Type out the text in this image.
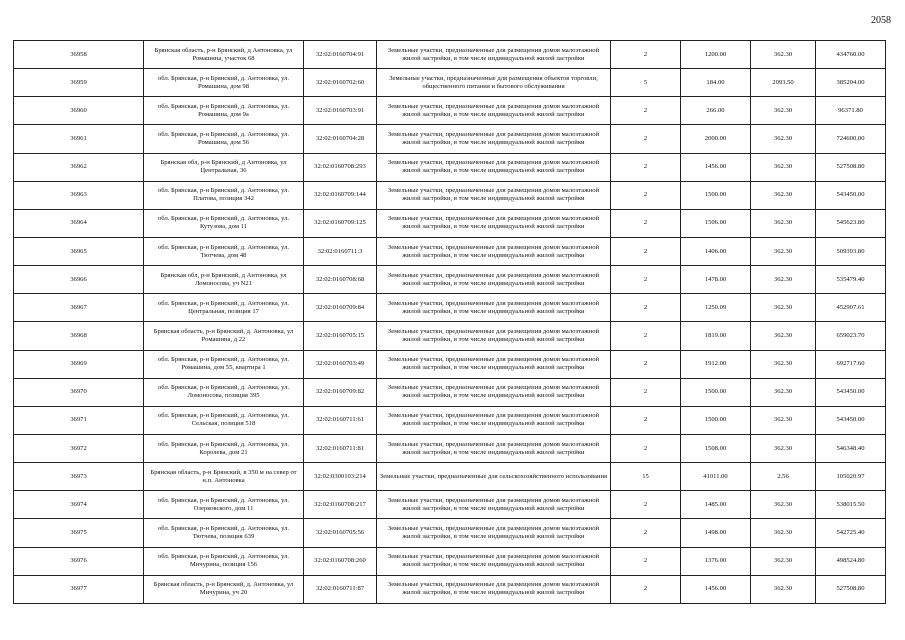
2058
36958	Брянская область, р-н Брянский, д Антоновка, ул Ромашина, участок 68	32:02:0160704:91	Земельные участки, предназначенные для размещения домов малоэтажной жилой застройки, в том числе индивидуальной жилой застройки	2	1200.00	362.30	434760.00
36959	обл. Брянская, р-н Брянский, д. Антоновка, ул. Ромашина, дом 98	32:02:0160702:60	Земельные участки, предназначенные для размещения объектов торговли, общественного питания и бытового обслуживания	5	184.00	2093.50	385204.00
36960	обл. Брянская, р-н Брянский, д. Антоновка, ул. Ромашина, дом 9а	32:02:0160703:91	Земельные участки, предназначенные для размещения домов малоэтажной жилой застройки, в том числе индивидуальной жилой застройки	2	266.00	362.30	96371.80
36961	обл. Брянская, р-н Брянский, д. Антоновка, ул. Ромашина, дом 56	32:02:0160704:28	Земельные участки, предназначенные для размещения домов малоэтажной жилой застройки, в том числе индивидуальной жилой застройки	2	2000.00	362.30	724600.00
36962	Брянская обл, р-н Брянский, д Антоновка, ул Центральная, 36	32:02:0160708:293	Земельные участки, предназначенные для размещения домов малоэтажной жилой застройки, в том числе индивидуальной жилой застройки	2	1456.00	362.30	527508.80
36963	обл. Брянская, р-н Брянский, д. Антоновка, ул. Платова, позиция 342	32:02:0160709:144	Земельные участки, предназначенные для размещения домов малоэтажной жилой застройки, в том числе индивидуальной жилой застройки	2	1500.00	362.30	543450.00
36964	обл. Брянская, р-н Брянский, д. Антоновка, ул. Кутузова, дом 11	32:02:0160709:125	Земельные участки, предназначенные для размещения домов малоэтажной жилой застройки, в том числе индивидуальной жилой застройки	2	1506.00	362.30	545623.80
36965	обл. Брянская, р-н Брянский, д. Антоновка, ул. Тютчева, дом 48	32:02:0160711:3	Земельные участки, предназначенные для размещения домов малоэтажной жилой застройки, в том числе индивидуальной жилой застройки	2	1406.00	362.30	509393.80
36966	Брянская обл, р-н Брянский, д Антоновка, ул Ломоносова, уч N21	32:02:0160708:68	Земельные участки, предназначенные для размещения домов малоэтажной жилой застройки, в том числе индивидуальной жилой застройки	2	1478.00	362.30	535479.40
36967	обл. Брянская, р-н Брянский, д. Антоновка, ул. Центральная, позиция 17	32:02:0160709:84	Земельные участки, предназначенные для размещения домов малоэтажной жилой застройки, в том числе индивидуальной жилой застройки	2	1250.09	362.30	452907.61
36968	Брянская область, р-н Брянский, д. Антоновка, ул Ромашина, д 22	32:02:0160705:15	Земельные участки, предназначенные для размещения домов малоэтажной жилой застройки, в том числе индивидуальной жилой застройки	2	1819.00	362.30	659023.70
36969	обл. Брянская, р-н Брянский, д. Антоновка, ул. Ромашина, дом 55, квартира 1	32:02:0160703:49	Земельные участки, предназначенные для размещения домов малоэтажной жилой застройки, в том числе индивидуальной жилой застройки	2	1912.00	362.30	692717.60
36970	обл. Брянская, р-н Брянский, д. Антоновка, ул. Ломоносова, позиция 395	32:02:0160709:82	Земельные участки, предназначенные для размещения домов малоэтажной жилой застройки, в том числе индивидуальной жилой застройки	2	1500.00	362.30	543450.00
36971	обл. Брянская, р-н Брянский, д. Антоновка, ул. Сельская, позиция 518	32:02:0160711:61	Земельные участки, предназначенные для размещения домов малоэтажной жилой застройки, в том числе индивидуальной жилой застройки	2	1500.00	362.30	543450.00
36972	обл. Брянская, р-н Брянский, д. Антоновка, ул. Королева, дом 21	32:02:0160711:81	Земельные участки, предназначенные для размещения домов малоэтажной жилой застройки, в том числе индивидуальной жилой застройки	2	1508.00	362.30	546348.40
36973	Брянская область, р-н Брянский, в 350 м на север от н.п. Антоновка	32:02:0300103:214	Земельные участки, предназначенные для сельскохозяйственного использования	15	41011.00	2.56	105020.97
36974	обл. Брянская, р-н Брянский, д. Антоновка, ул. Озерковского, дом 11	32:02:0160708:217	Земельные участки, предназначенные для размещения домов малоэтажной жилой застройки, в том числе индивидуальной жилой застройки	2	1485.00	362.30	538015.50
36975	обл. Брянская, р-н Брянский, д. Антоновка, ул. Тютчева, позиция 639	32:02:0160705:56	Земельные участки, предназначенные для размещения домов малоэтажной жилой застройки, в том числе индивидуальной жилой застройки	2	1498.00	362.30	542725.40
36976	обл. Брянская, р-н Брянский, д. Антоновка, ул. Мичурина, позиция 156	32:02:0160708:260	Земельные участки, предназначенные для размещения домов малоэтажной жилой застройки, в том числе индивидуальной жилой застройки	2	1376.00	362.30	498524.80
36977	Брянская область, р-н Брянский, д. Антоновка, ул Мичурина, уч 20	32:02:0160711:87	Земельные участки, предназначенные для размещения домов малоэтажной жилой застройки, в том числе индивидуальной жилой застройки	2	1456.00	362.30	527508.80
